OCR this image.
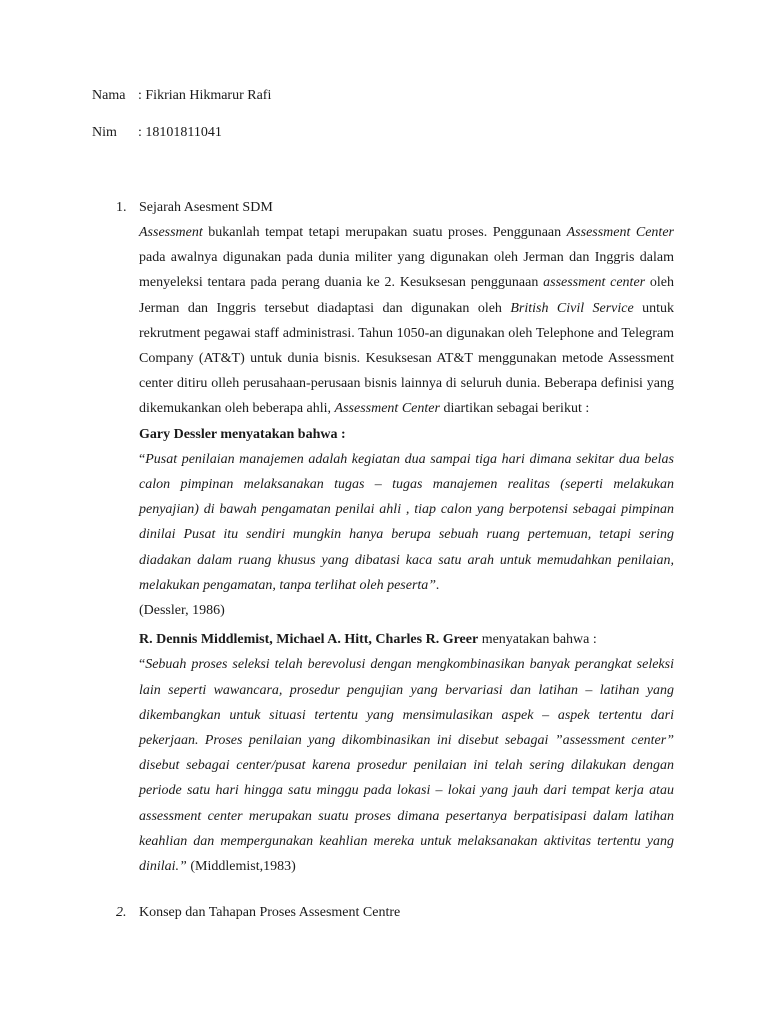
Nama : Fikrian Hikmarur Rafi
Nim : 18101811041
1. Sejarah Asesment SDM

Assessment bukanlah tempat tetapi merupakan suatu proses. Penggunaan Assessment Center pada awalnya digunakan pada dunia militer yang digunakan oleh Jerman dan Inggris dalam menyeleksi tentara pada perang duania ke 2. Kesuksesan penggunaan assessment center oleh Jerman dan Inggris tersebut diadaptasi dan digunakan oleh British Civil Service untuk rekrutment pegawai staff administrasi. Tahun 1050-an digunakan oleh Telephone and Telegram Company (AT&T) untuk dunia bisnis. Kesuksesan AT&T menggunakan metode Assessment center ditiru olleh perusahaan-perusaan bisnis lainnya di seluruh dunia. Beberapa definisi yang dikemukankan oleh beberapa ahli, Assessment Center diartikan sebagai berikut :

Gary Dessler menyatakan bahwa :

“Pusat penilaian manajemen adalah kegiatan dua sampai tiga hari dimana sekitar dua belas calon pimpinan melaksanakan tugas – tugas manajemen realitas (seperti melakukan penyajian) di bawah pengamatan penilai ahli , tiap calon yang berpotensi sebagai pimpinan dinilai Pusat itu sendiri mungkin hanya berupa sebuah ruang pertemuan, tetapi sering diadakan dalam ruang khusus yang dibatasi kaca satu arah untuk memudahkan penilaian, melakukan pengamatan, tanpa terlihat oleh peserta”.
(Dessler, 1986)

R. Dennis Middlemist, Michael A. Hitt, Charles R. Greer menyatakan bahwa :

“Sebuah proses seleksi telah berevolusi dengan mengkombinasikan banyak perangkat seleksi lain seperti wawancara, prosedur pengujian yang bervariasi dan latihan – latihan yang dikembangkan untuk situasi tertentu yang mensimulasikan aspek – aspek tertentu dari pekerjaan. Proses penilaian yang dikombinasikan ini disebut sebagai ”assessment center” disebut sebagai center/pusat karena prosedur penilaian ini telah sering dilakukan dengan periode satu hari hingga satu minggu pada lokasi – lokai yang jauh dari tempat kerja atau assessment center merupakan suatu proses dimana pesertanya berpatisipasi dalam latihan keahlian dan mempergunakan keahlian mereka untuk melaksanakan aktivitas tertentu yang dinilai.” (Middlemist,1983)

2. Konsep dan Tahapan Proses Assesment Centre
